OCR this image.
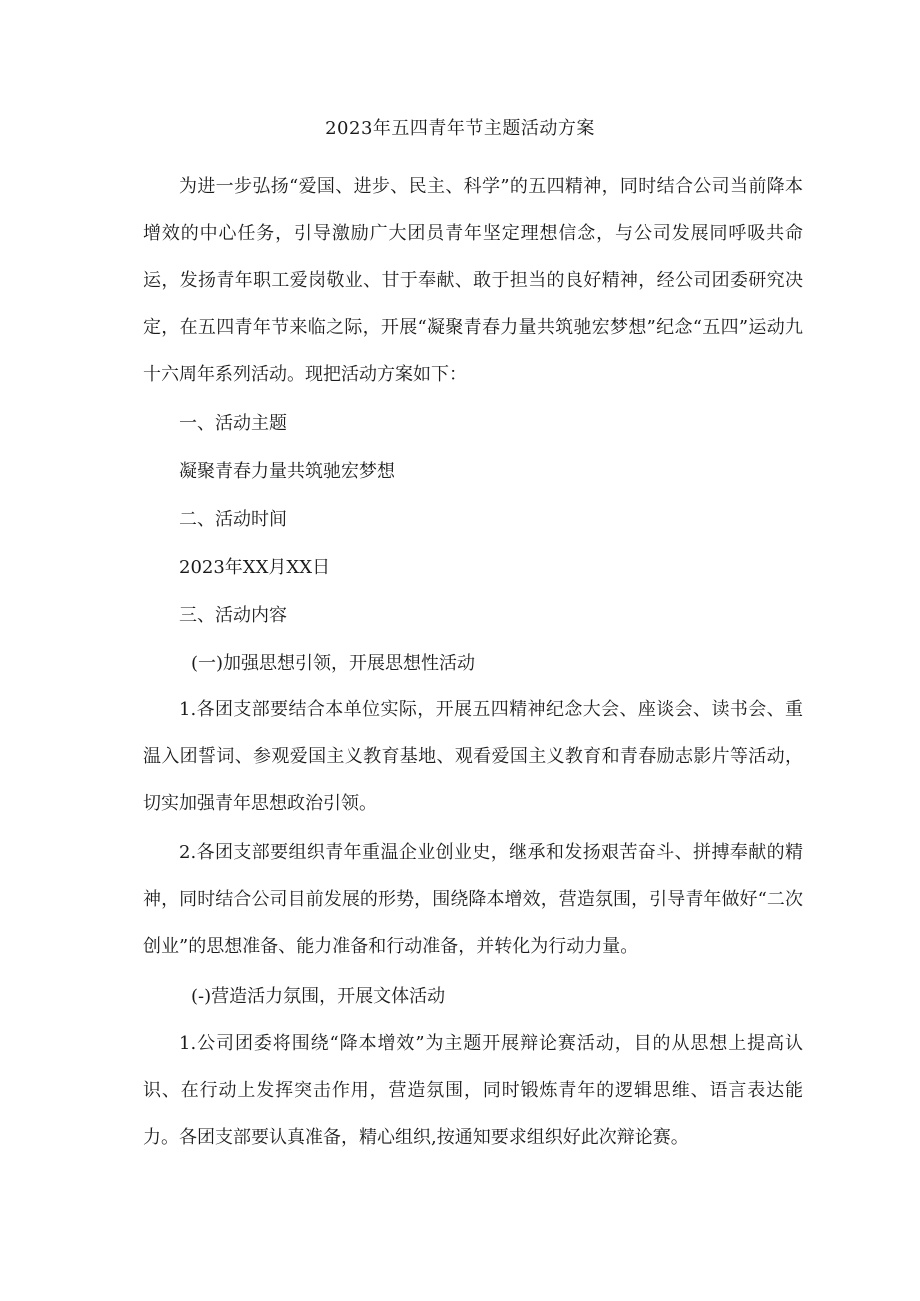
2023年五四青年节主题活动方案

为进一步弘扬“爱国、进步、民主、科学”的五四精神，同时结合公司当前降本增效的中心任务，引导激励广大团员青年坚定理想信念，与公司发展同呼吸共命运，发扬青年职工爱岗敬业、甘于奉献、敢于担当的良好精神，经公司团委研究决定，在五四青年节来临之际，开展“凝聚青春力量共筑驰宏梦想”纪念“五四”运动九十六周年系列活动。现把活动方案如下：

一、活动主题
凝聚青春力量共筑驰宏梦想
二、活动时间
2023年XX月XX日
三、活动内容
(一)加强思想引领，开展思想性活动

1.各团支部要结合本单位实际，开展五四精神纪念大会、座谈会、读书会、重温入团誓词、参观爱国主义教育基地、观看爱国主义教育和青春励志影片等活动，切实加强青年思想政治引领。

2.各团支部要组织青年重温企业创业史，继承和发扬艰苦奋斗、拼搏奉献的精神，同时结合公司目前发展的形势，围绕降本增效，营造氛围，引导青年做好“二次创业”的思想准备、能力准备和行动准备，并转化为行动力量。

(-)营造活力氛围，开展文体活动

1.公司团委将围绕“降本增效”为主题开展辩论赛活动，目的从思想上提高认识、在行动上发挥突击作用，营造氛围，同时锻炼青年的逻辑思维、语言表达能力。各团支部要认真准备，精心组织,按通知要求组织好此次辩论赛。
